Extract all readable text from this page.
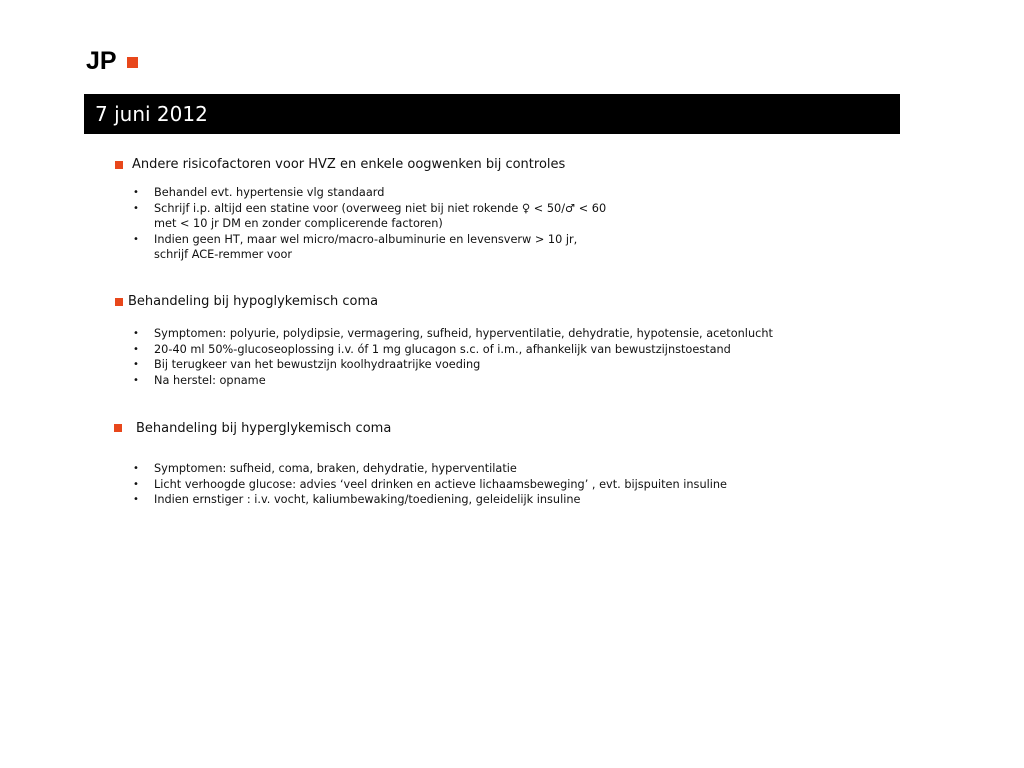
JP
7 juni 2012
Andere risicofactoren voor HVZ en enkele oogwenken bij controles
• Behandel evt. hypertensie vlg standaard
• Schrijf i.p. altijd een statine voor (overweeg niet bij niet rokende ♀ < 50/♂ < 60
met < 10 jr DM en zonder complicerende factoren)
• Indien geen HT, maar wel micro/macro-albuminurie en levensverw > 10 jr,
schrijf ACE-remmer voor
Behandeling bij hypoglykemisch coma
• Symptomen: polyurie, polydipsie, vermagering, sufheid, hyperventilatie, dehydratie, hypotensie, acetonlucht
• 20-40 ml 50%-glucoseoplossing i.v. óf 1 mg glucagon s.c. of i.m., afhankelijk van bewustzijnstoestand
• Bij terugkeer van het bewustzijn koolhydraatrijke voeding
• Na herstel: opname
Behandeling bij hyperglykemisch coma
• Symptomen: sufheid, coma, braken, dehydratie, hyperventilatie
• Licht verhoogde glucose: advies ‘veel drinken en actieve lichaamsbeweging’ , evt. bijspuiten insuline
• Indien ernstiger : i.v. vocht, kaliumbewaking/toediening, geleidelijk insuline
